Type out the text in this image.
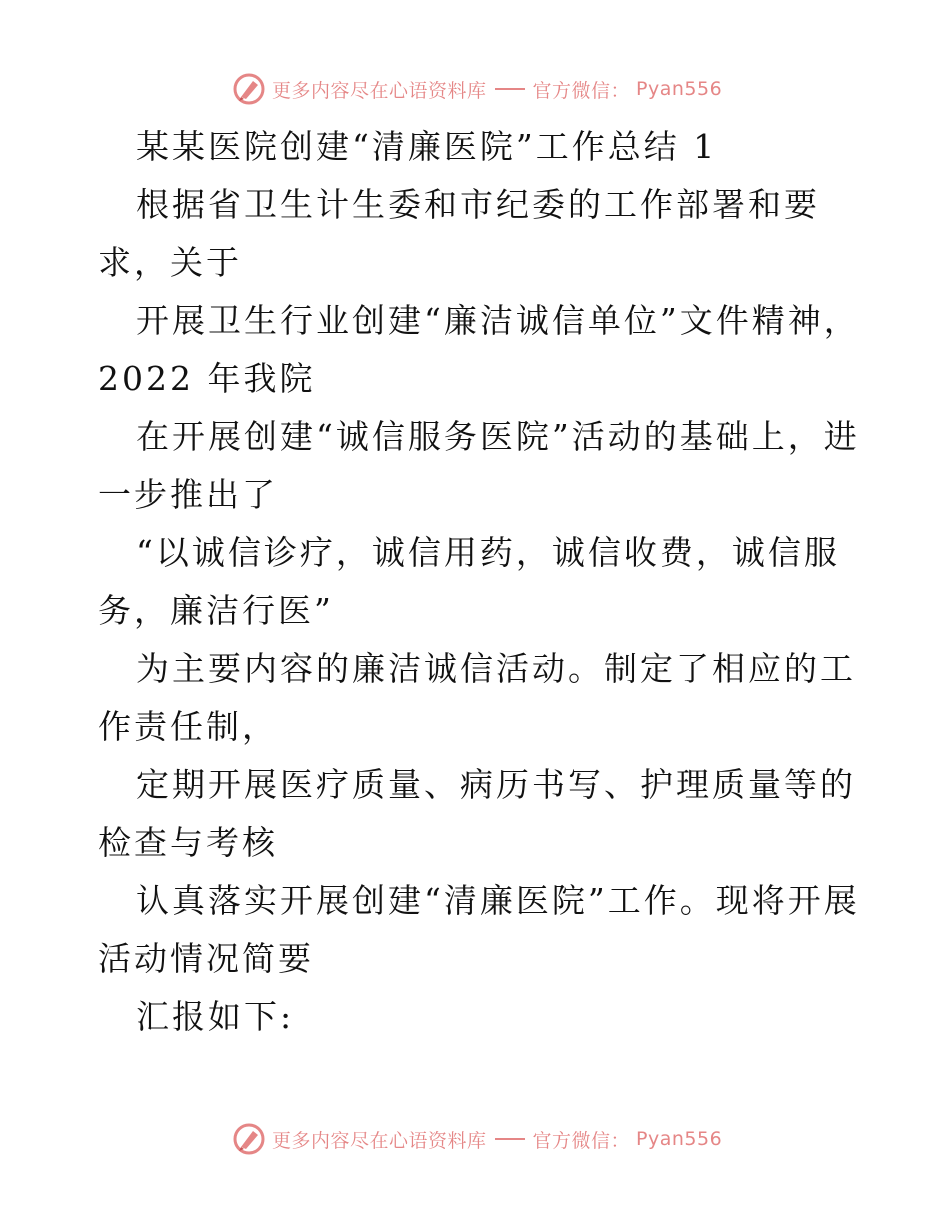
更多内容尽在心语资料库 官方微信： Pyan556

某某医院创建“清廉医院”工作总结 1

根据省卫生计生委和市纪委的工作部署和要求，关于

开展卫生行业创建“廉洁诚信单位”文件精神，2022 年我院

在开展创建“诚信服务医院”活动的基础上，进一步推出了

“以诚信诊疗，诚信用药，诚信收费，诚信服务，廉洁行医”

为主要内容的廉洁诚信活动。制定了相应的工作责任制，

定期开展医疗质量、病历书写、护理质量等的检查与考核

认真落实开展创建“清廉医院”工作。现将开展活动情况简要

汇报如下:

更多内容尽在心语资料库 官方微信： Pyan556
